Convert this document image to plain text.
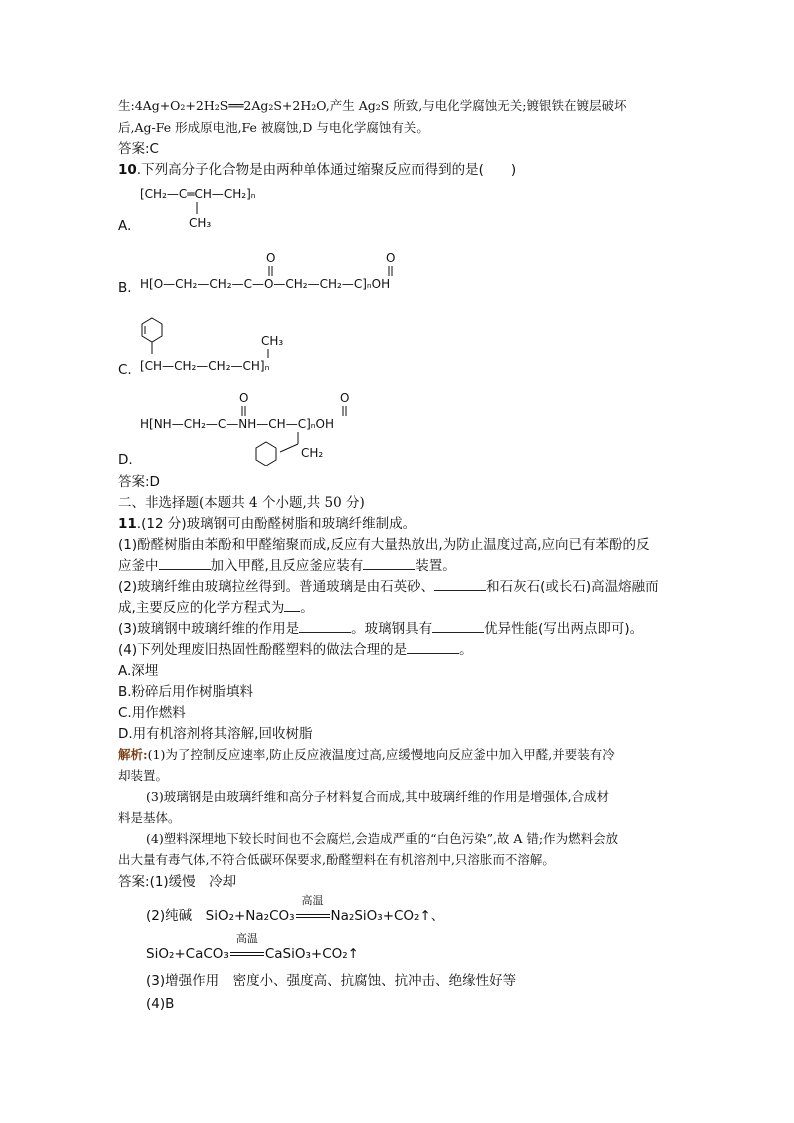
生:4Ag+O₂+2H₂S══2Ag₂S+2H₂O,产生 Ag₂S 所致,与电化学腐蚀无关;镀银铁在镀层破坏
后,Ag-Fe 形成原电池,Fe 被腐蚀,D 与电化学腐蚀有关。
答案:C
10.下列高分子化合物是由两种单体通过缩聚反应而得到的是(　　)
[CH₂—C═CH—CH₂]ₙ
CH₃
A.
H[O—CH₂—CH₂—C—O—CH₂—CH₂—C]ₙOH
O	O
B.
CH₃
[CH—CH₂—CH₂—CH]ₙ
C.
O	O
H[NH—CH₂—C—NH—CH—C]ₙOH
CH₂
D.
答案:D
二、非选择题(本题共 4 个小题,共 50 分)
11.(12 分)玻璃钢可由酚醛树脂和玻璃纤维制成。
(1)酚醛树脂由苯酚和甲醛缩聚而成,反应有大量热放出,为防止温度过高,应向已有苯酚的反
应釜中	加入甲醛,且反应釜应装有	装置。
(2)玻璃纤维由玻璃拉丝得到。普通玻璃是由石英砂、	和石灰石(或长石)高温熔融而
成,主要反应的化学方程式为 。
(3)玻璃钢中玻璃纤维的作用是	。玻璃钢具有	优异性能(写出两点即可)。
(4)下列处理废旧热固性酚醛塑料的做法合理的是	。
A.深埋
B.粉碎后用作树脂填料
C.用作燃料
D.用有机溶剂将其溶解,回收树脂
解析:(1)为了控制反应速率,防止反应液温度过高,应缓慢地向反应釜中加入甲醛,并要装有冷
却装置。
(3)玻璃钢是由玻璃纤维和高分子材料复合而成,其中玻璃纤维的作用是增强体,合成材
料是基体。
(4)塑料深埋地下较长时间也不会腐烂,会造成严重的“白色污染”,故 A 错;作为燃料会放
出大量有毒气体,不符合低碳环保要求,酚醛塑料在有机溶剂中,只溶胀而不溶解。
答案:(1)缓慢　冷却
(2)纯碱　SiO₂+Na₂CO₃
高温
Na₂SiO₃+CO₂↑、
SiO₂+CaCO₃
高温
CaSiO₃+CO₂↑
(3)增强作用　密度小、强度高、抗腐蚀、抗冲击、绝缘性好等
(4)B
